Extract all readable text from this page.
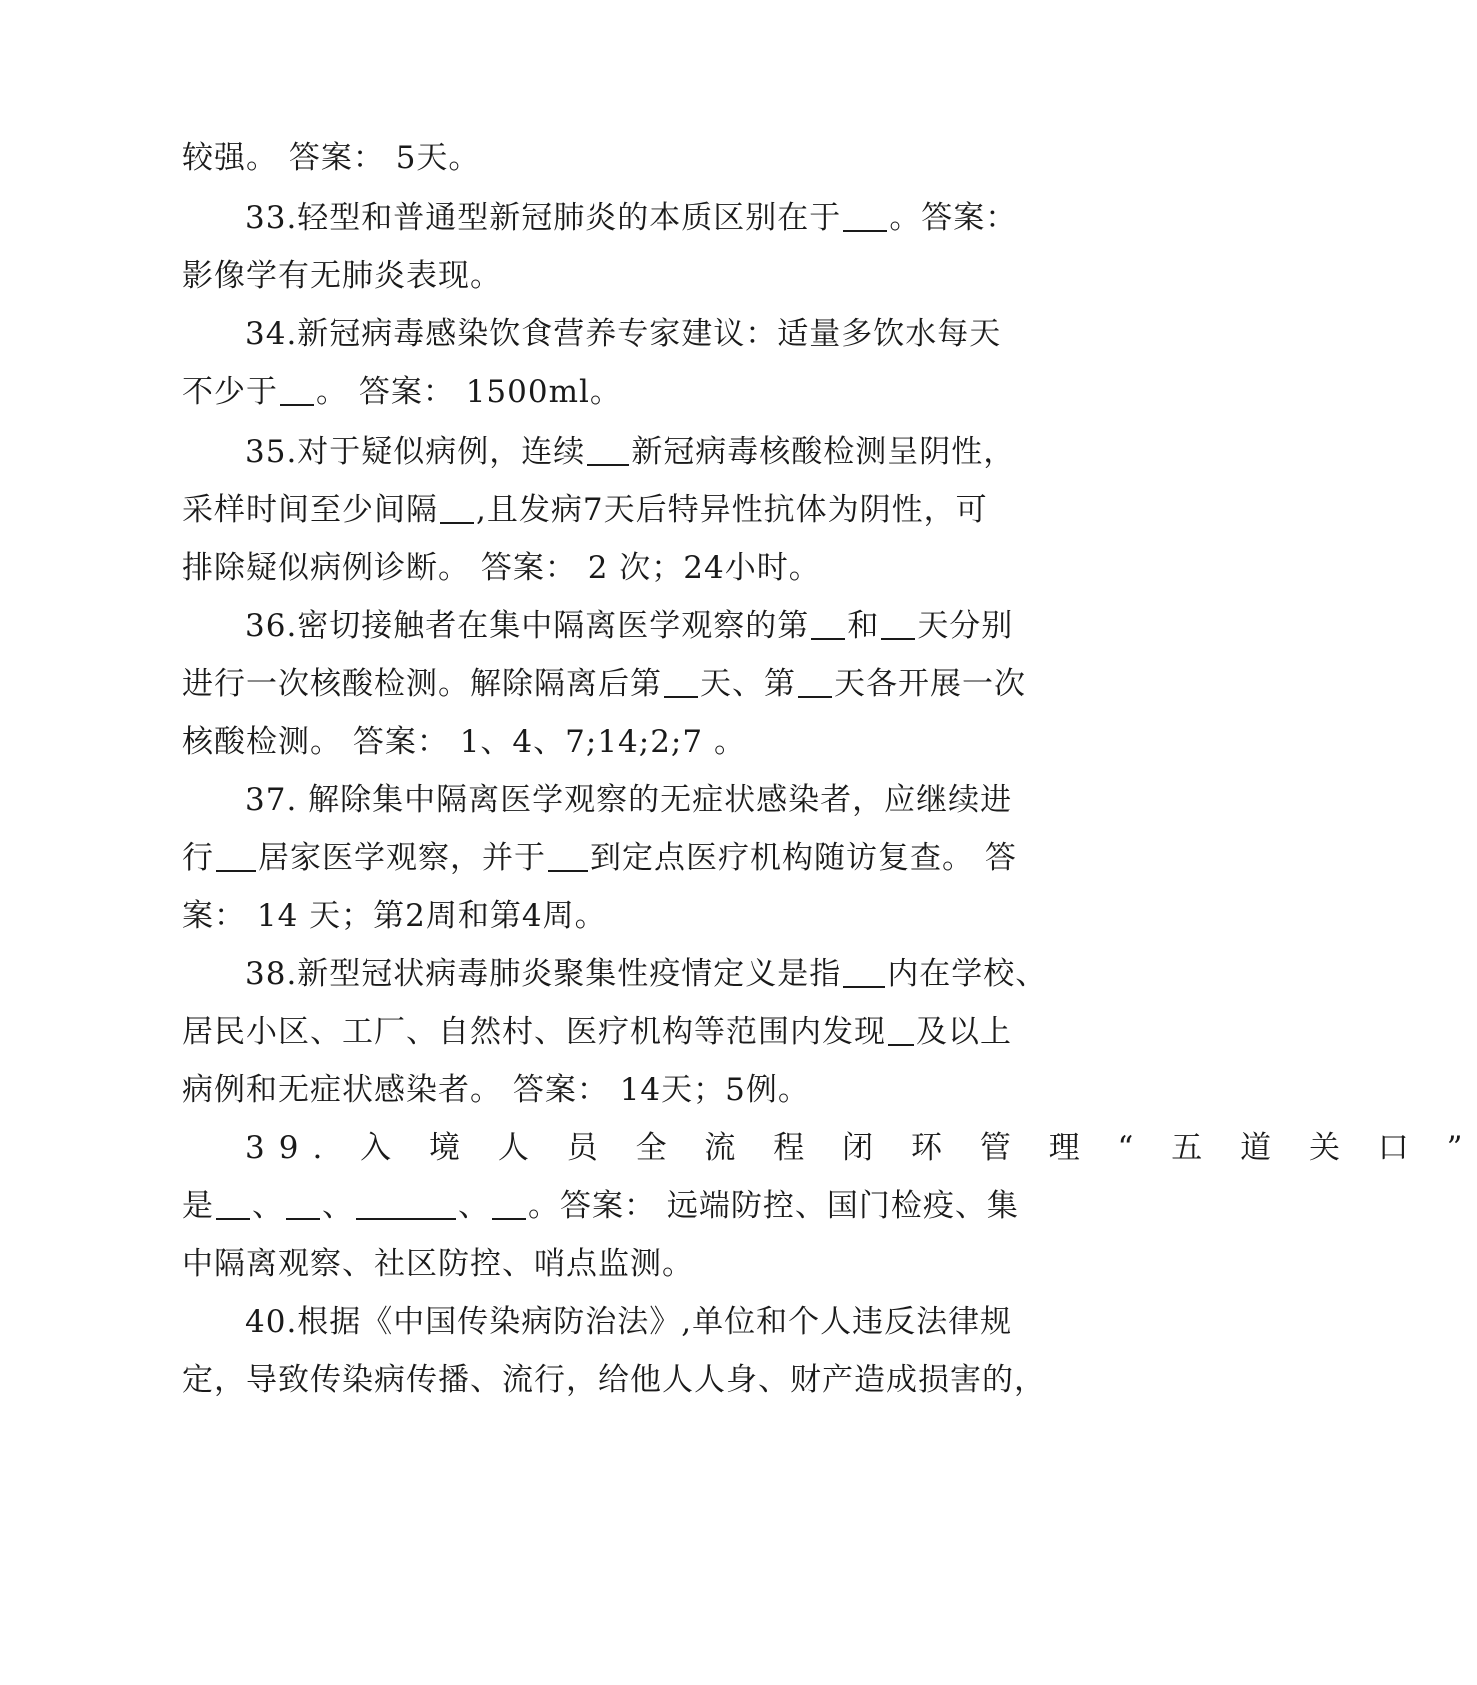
较强。 答案： 5天。
33.轻型和普通型新冠肺炎的本质区别在于 。答案：
影像学有无肺炎表现。
34.新冠病毒感染饮食营养专家建议：适量多饮水每天
不少于 。 答案： 1500ml。
35.对于疑似病例，连续 新冠病毒核酸检测呈阴性，
采样时间至少间隔 ,且发病7天后特异性抗体为阴性，可
排除疑似病例诊断。 答案： 2 次；24小时。
36.密切接触者在集中隔离医学观察的第 和 天分别
进行一次核酸检测。解除隔离后第 天、第 天各开展一次
核酸检测。 答案： 1、4、7;14;2;7 。
37. 解除集中隔离医学观察的无症状感染者，应继续进
行 居家医学观察，并于 到定点医疗机构随访复查。 答
案： 14 天；第2周和第4周。
38.新型冠状病毒肺炎聚集性疫情定义是指 内在学校、
居民小区、工厂、自然村、医疗机构等范围内发现 及以上
病例和无症状感染者。 答案： 14天；5例。
39. 入 境 人 员 全 流 程 闭 环 管 理 “ 五 道 关 口 ”
是 、 、	、 。答案： 远端防控、国门检疫、集
中隔离观察、社区防控、哨点监测。
40.根据《中国传染病防治法》,单位和个人违反法律规
定，导致传染病传播、流行，给他人人身、财产造成损害的，
